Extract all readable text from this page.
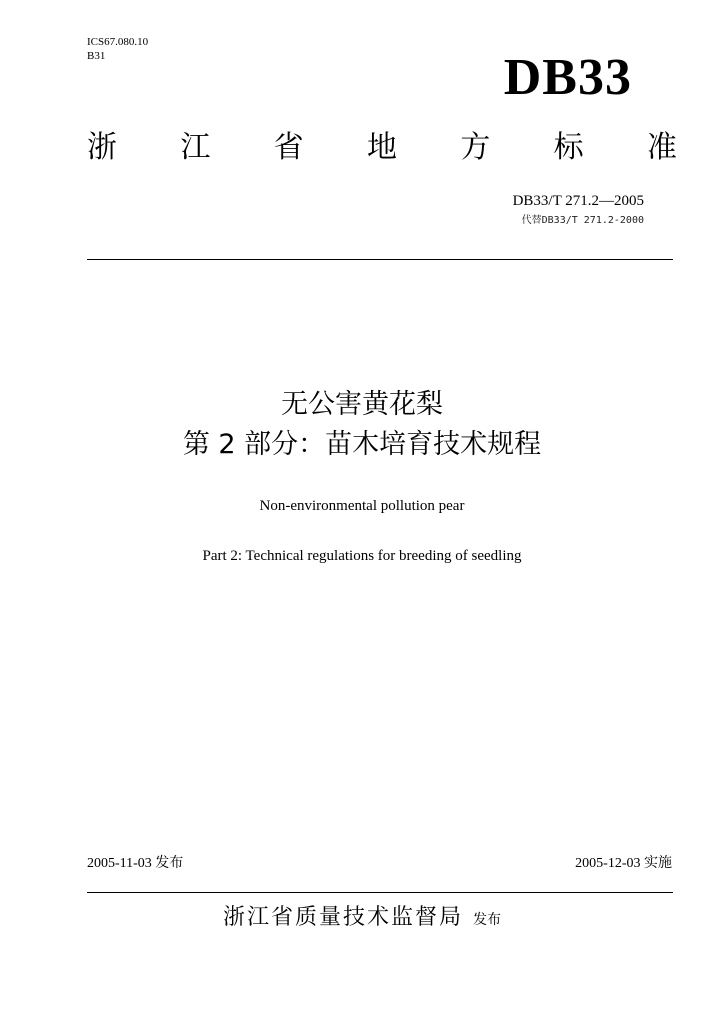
ICS67.080.10
B31	DB33
浙 江 省 地 方 标 准
DB33/T 271.2—2005
代替DB33/T 271.2-2000
无公害黄花梨
第 2 部分：苗木培育技术规程
Non-environmental pollution pear
Part 2: Technical regulations for breeding of seedling
2005-11-03 发布	2005-12-03 实施
浙江省质量技术监督局 发布
